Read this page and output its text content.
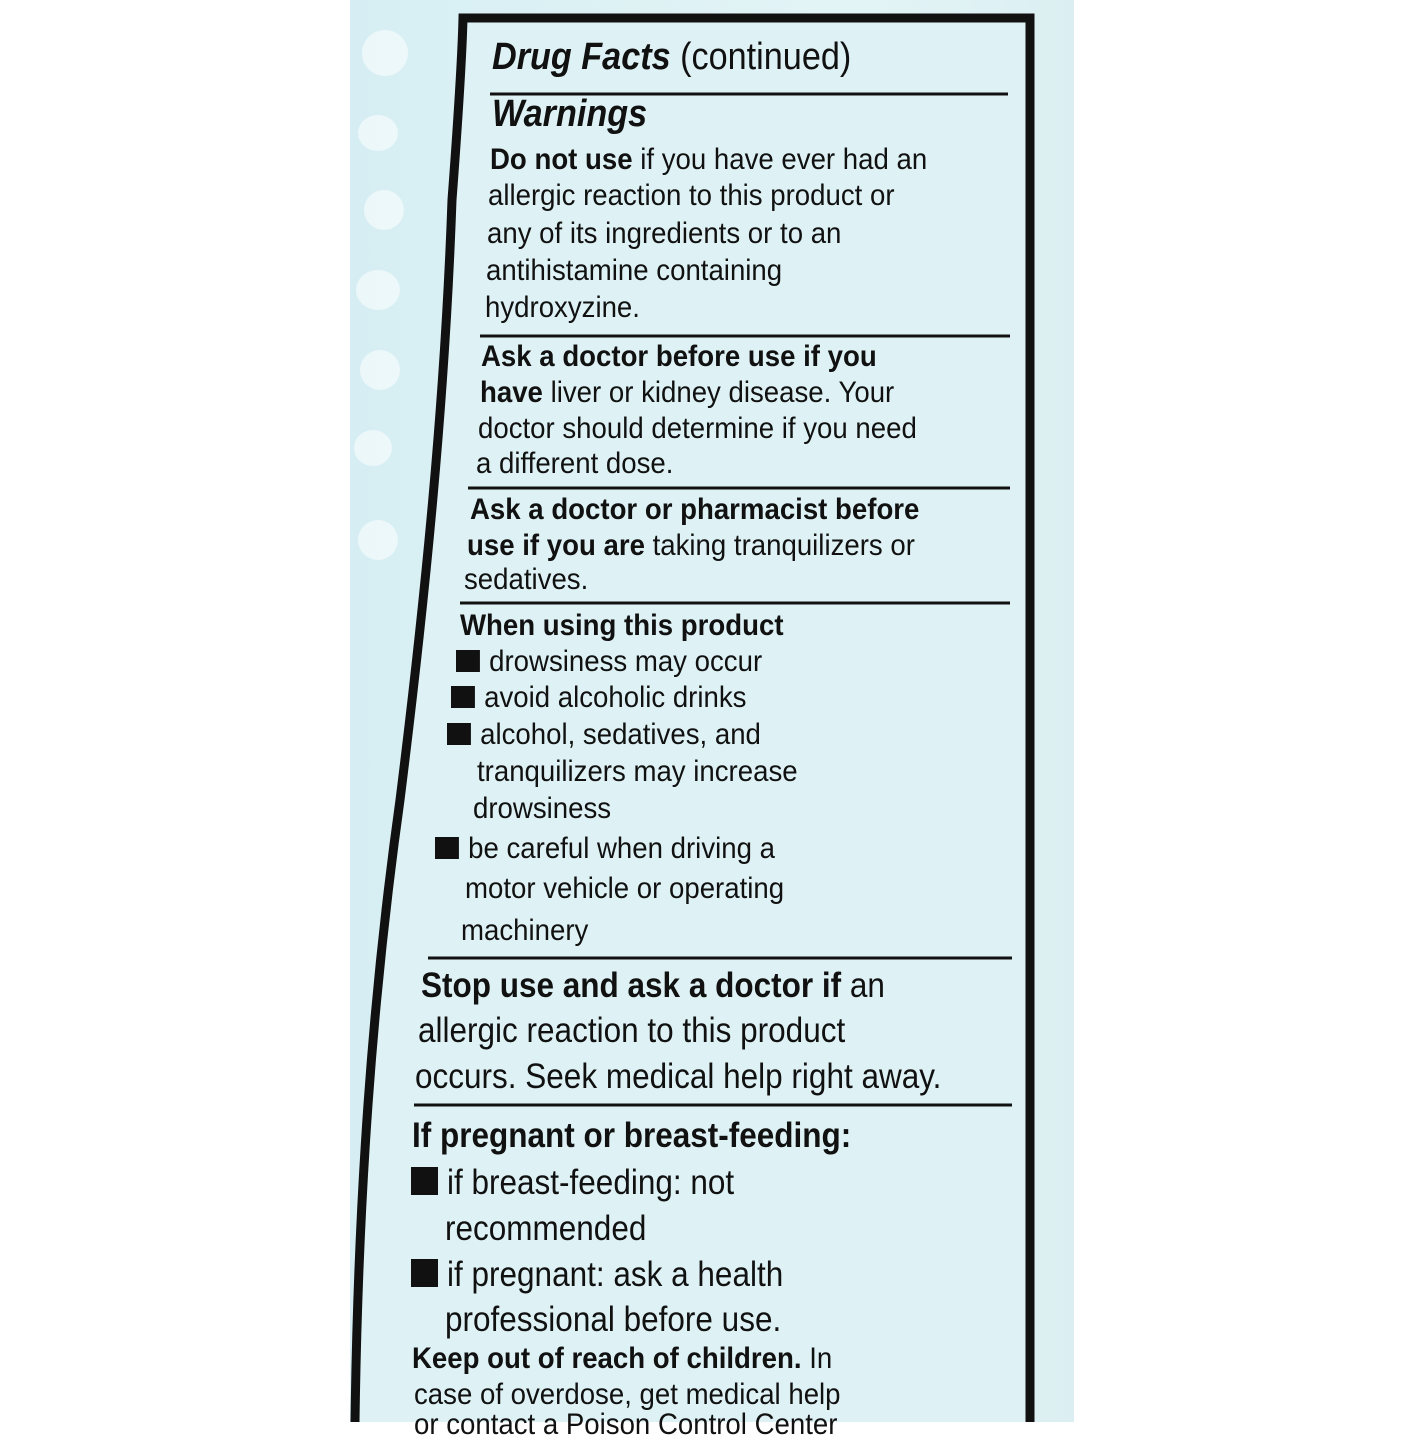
Drug Facts (continued)
Warnings
Do not use if you have ever had an
allergic reaction to this product or
any of its ingredients or to an
antihistamine containing
hydroxyzine.
Ask a doctor before use if you
have liver or kidney disease. Your
doctor should determine if you need
a different dose.
Ask a doctor or pharmacist before
use if you are taking tranquilizers or
sedatives.
When using this product
drowsiness may occur
avoid alcoholic drinks
alcohol, sedatives, and
tranquilizers may increase
drowsiness
be careful when driving a
motor vehicle or operating
machinery
Stop use and ask a doctor if an
allergic reaction to this product
occurs. Seek medical help right away.
If pregnant or breast-feeding:
if breast-feeding: not
recommended
if pregnant: ask a health
professional before use.
Keep out of reach of children. In
case of overdose, get medical help
or contact a Poison Control Center
